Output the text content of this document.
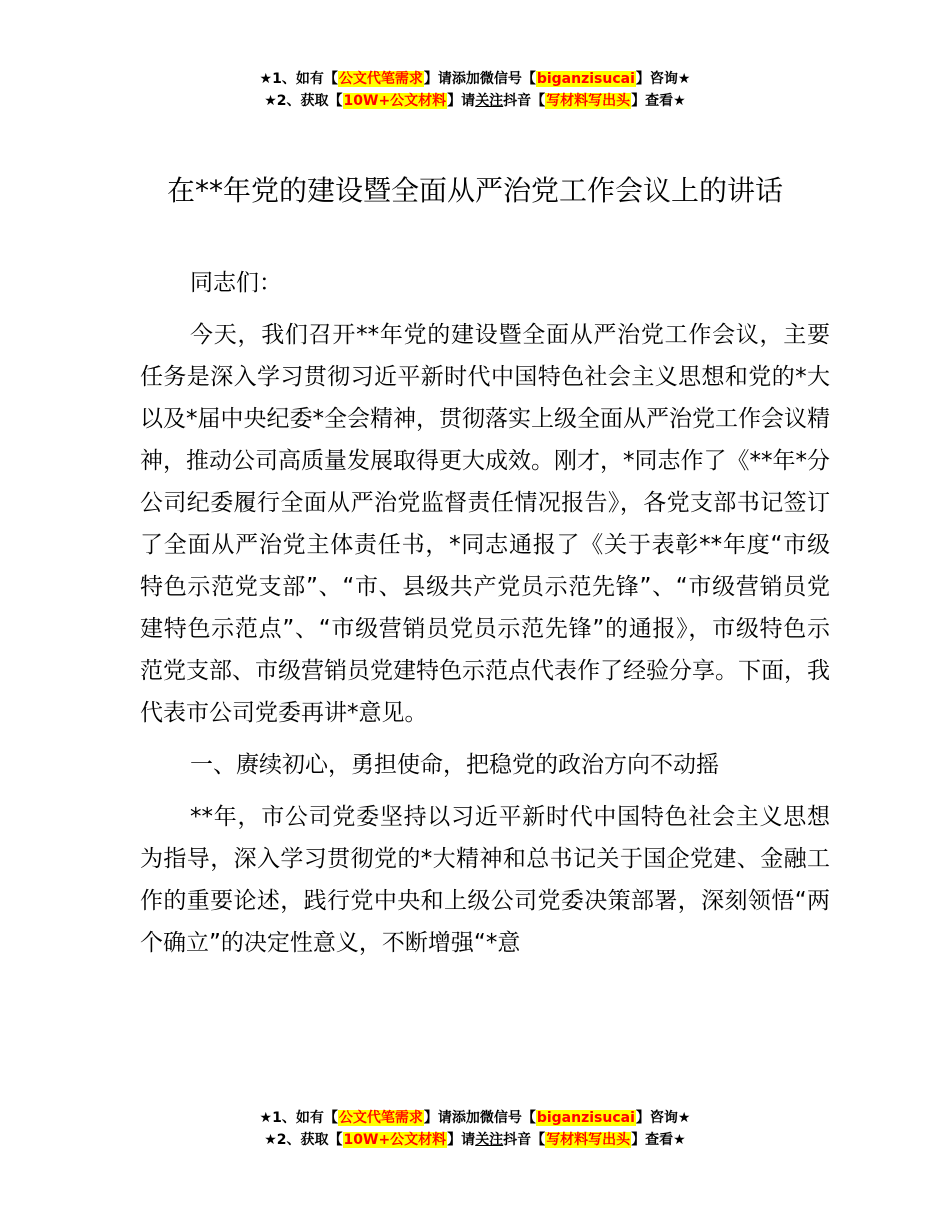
★1、如有【公文代笔需求】请添加微信号【biganzisucai】咨询★
★2、获取【10W+公文材料】请关注抖音【写材料写出头】查看★
在**年党的建设暨全面从严治党工作会议上的讲话

同志们：

今天，我们召开**年党的建设暨全面从严治党工作会议，主要任务是深入学习贯彻习近平新时代中国特色社会主义思想和党的*大以及*届中央纪委*全会精神，贯彻落实上级全面从严治党工作会议精神，推动公司高质量发展取得更大成效。刚才，*同志作了《**年*分公司纪委履行全面从严治党监督责任情况报告》，各党支部书记签订了全面从严治党主体责任书，*同志通报了《关于表彰**年度“市级特色示范党支部”、“市、县级共产党员示范先锋”、“市级营销员党建特色示范点”、“市级营销员党员示范先锋”的通报》，市级特色示范党支部、市级营销员党建特色示范点代表作了经验分享。下面，我代表市公司党委再讲*意见。

一、赓续初心，勇担使命，把稳党的政治方向不动摇

**年，市公司党委坚持以习近平新时代中国特色社会主义思想为指导，深入学习贯彻党的*大精神和总书记关于国企党建、金融工作的重要论述，践行党中央和上级公司党委决策部署，深刻领悟“两个确立”的决定性意义，不断增强“*意

★1、如有【公文代笔需求】请添加微信号【biganzisucai】咨询★
★2、获取【10W+公文材料】请关注抖音【写材料写出头】查看★
